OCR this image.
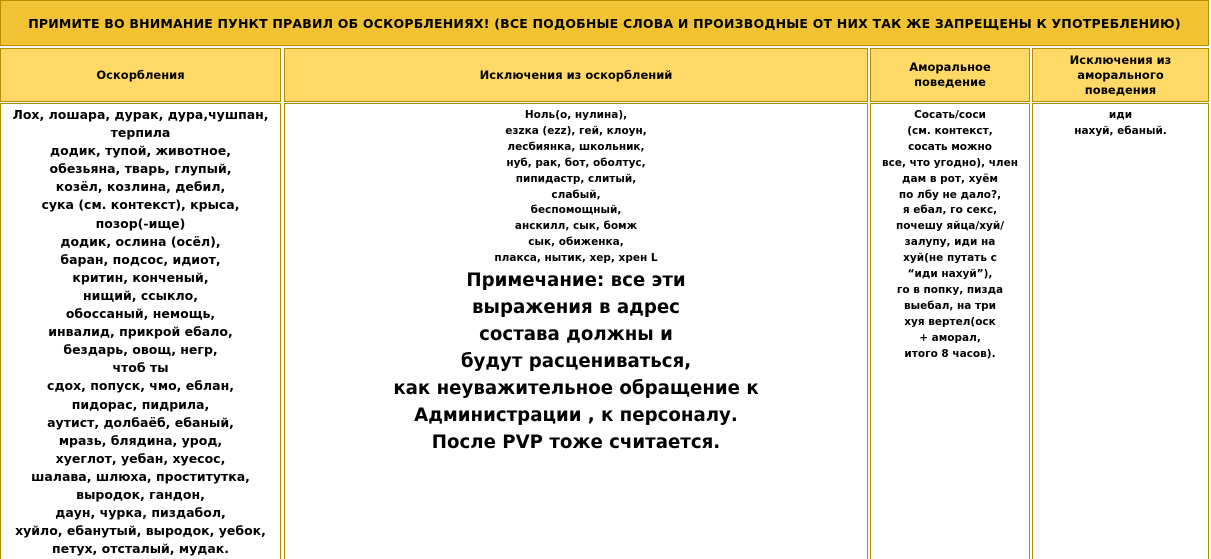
ПРИМИТЕ ВО ВНИМАНИЕ ПУНКТ ПРАВИЛ ОБ ОСКОРБЛЕНИЯХ! (ВСЕ ПОДОБНЫЕ СЛОВА И ПРОИЗВОДНЫЕ ОТ НИХ ТАК ЖЕ ЗАПРЕЩЕНЫ К УПОТРЕБЛЕНИЮ)
Оскорбления	Исключения из оскорблений
Аморальное
поведение
Исключения из
аморального
поведения
Лох, лошара, дурак, дура,чушпан,
терпила
додик, тупой, животное,
обезьяна, тварь, глупый,
козёл, козлина, дебил,
сука (см. контекст), крыса,
позор(-ище)
додик, ослина (осёл),
баран, подсос, идиот,
критин, конченый,
нищий, ссыкло,
обоссаный, немощь,
инвалид, прикрой ебало,
бездарь, овощ, негр,
чтоб ты
сдох, попуск, чмо, еблан,
пидорас, пидрила,
аутист, долбаёб, ебаный,
мразь, блядина, урод,
хуеглот, уебан, хуесос,
шалава, шлюха, проститутка,
выродок, гандон,
даун, чурка, пиздабол,
хуйло, ебанутый, выродок, уебок,
петух, отсталый, мудак.
Ноль(о, нулина),
езzка (ezz), гей, клоун,
лесбиянка, школьник,
нуб, рак, бот, оболтус,
пипидастр, слитый,
слабый,
беспомощный,
анскилл, сык, бомж
сык, обиженка,
плакса, нытик, хер, хрен L
Примечание: все эти
выражения в адрес
состава должны и
будут расцениваться,
как неуважительное обращение к
Администрации , к персоналу.
После PVP тоже считается.
Сосать/соси
(см. контекст,
сосать можно
все, что угодно), член
дам в рот, хуём
по лбу не дало?,
я ебал, го секс,
почешу яйца/хуй/
залупу, иди на
хуй(не путать с
“иди нахуй”),
го в попку, пизда
выебал, на три
хуя вертел(оск
+ аморал,
итого 8 часов).
иди
нахуй, ебаный.
